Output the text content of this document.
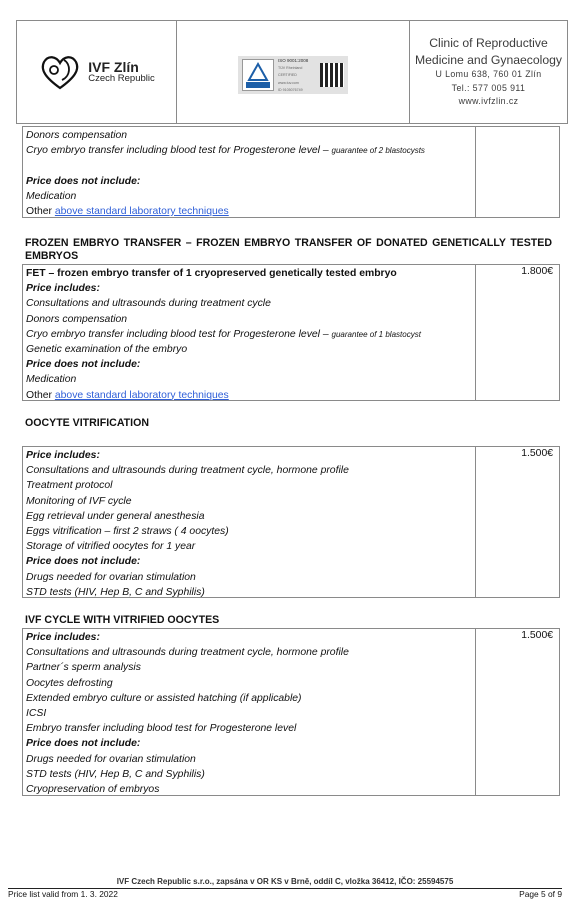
IVF Zlín
Czech Republic
ISO 9001:2008
TÜV Rheinland
CERTIFIED
www.tuv.com
ID 9105076749
Clinic of Reproductive
Medicine and Gynaecology
U Lomu 638, 760 01 Zlín
Tel.: 577 005 911
www.ivfzlin.cz
Donors compensation
Cryo embryo transfer including blood test for Progesterone level – guarantee of 2 blastocysts
Price does not include:
Medication
Other above standard laboratory techniques
FROZEN EMBRYO TRANSFER – FROZEN EMBRYO TRANSFER OF DONATED GENETICALLY TESTED
EMBRYOS
FET – frozen embryo transfer of 1 cryopreserved genetically tested embryo
Price includes:
Consultations and ultrasounds during treatment cycle
Donors compensation
Cryo embryo transfer including blood test for Progesterone level – guarantee of 1 blastocyst
Genetic examination of the embryo
Price does not include:
Medication
Other above standard laboratory techniques
1.800€
OOCYTE VITRIFICATION
Price includes:
Consultations and ultrasounds during treatment cycle, hormone profile
Treatment protocol
Monitoring of IVF cycle
Egg retrieval under general anesthesia
Eggs vitrification – first 2 straws ( 4 oocytes)
Storage of vitrified oocytes for 1 year
Price does not include:
Drugs needed for ovarian stimulation
STD tests (HIV, Hep B, C and Syphilis)
1.500€
IVF CYCLE WITH VITRIFIED OOCYTES
Price includes:
Consultations and ultrasounds during treatment cycle, hormone profile
Partner´s sperm analysis
Oocytes defrosting
Extended embryo culture or assisted hatching (if applicable)
ICSI
Embryo transfer including blood test for Progesterone level
Price does not include:
Drugs needed for ovarian stimulation
STD tests (HIV, Hep B, C and Syphilis)
Cryopreservation of embryos
1.500€
IVF Czech Republic s.r.o., zapsána v OR KS v Brně, oddíl C, vložka 36412, IČO: 25594575
Price list valid from 1. 3. 2022	Page 5 of 9
